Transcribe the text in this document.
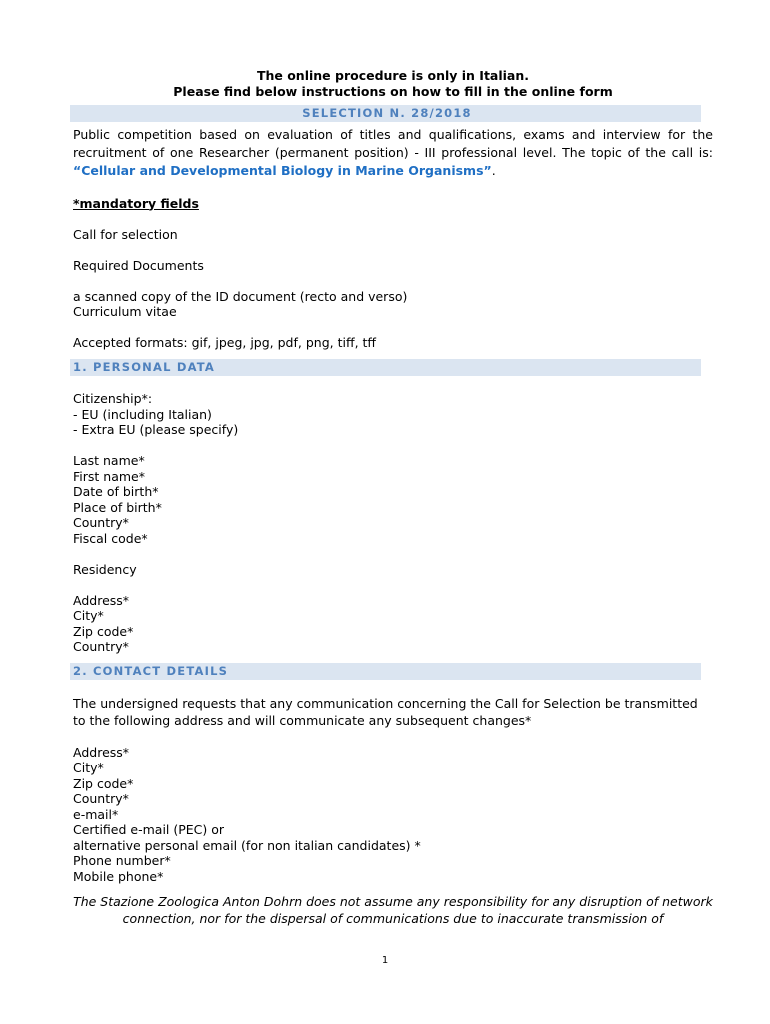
The online procedure is only in Italian.

Please find below instructions on how to fill in the online form

SELECTION N. 28/2018

Public competition based on evaluation of titles and qualifications, exams and interview for the recruitment of one Researcher (permanent position) - III professional level. The topic of the call is: “Cellular and Developmental Biology in Marine Organisms”.

*mandatory fields

Call for selection

Required Documents

a scanned copy of the ID document (recto and verso)

Curriculum vitae

Accepted formats: gif, jpeg, jpg, pdf, png, tiff, tff

1. PERSONAL DATA

Citizenship*:

- EU (including Italian)

- Extra EU (please specify)

Last name*

First name*

Date of birth*

Place of birth*

Country*

Fiscal code*

Residency

Address*

City*

Zip code*

Country*

2. CONTACT DETAILS

The undersigned requests that any communication concerning the Call for Selection be transmitted to the following address and will communicate any subsequent changes*

Address*

City*

Zip code*

Country*

e-mail*

Certified e-mail (PEC) or

alternative personal email (for non italian candidates) *

Phone number*

Mobile phone*

The Stazione Zoologica Anton Dohrn does not assume any responsibility for any disruption of network connection, nor for the dispersal of communications due to inaccurate transmission of

1
